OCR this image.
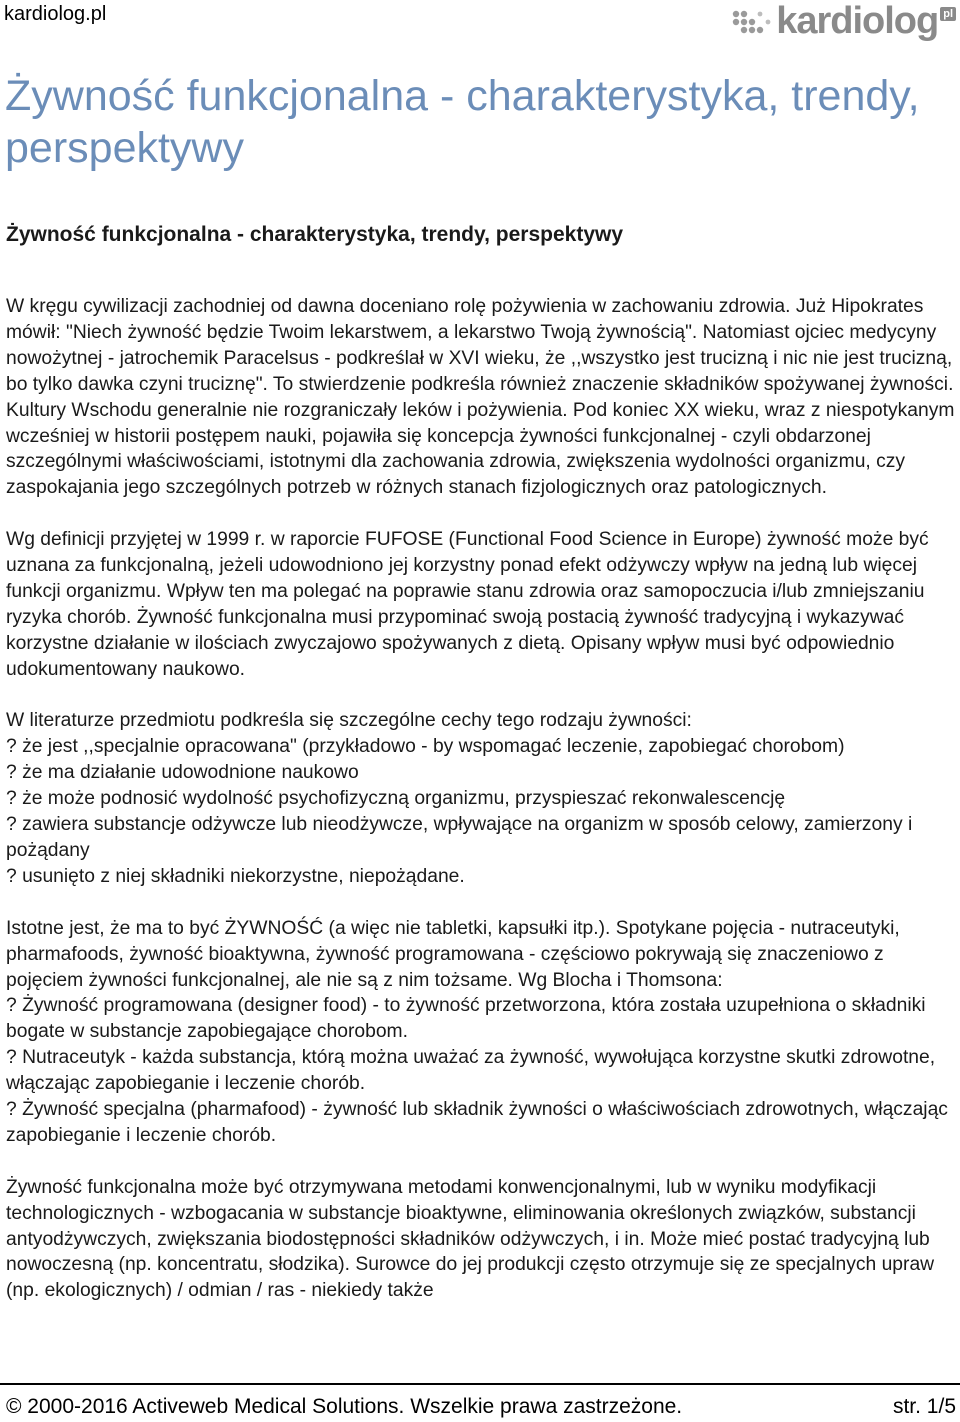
kardiolog.pl	kardiolog pl
Żywność funkcjonalna - charakterystyka, trendy, perspektywy
Żywność funkcjonalna - charakterystyka, trendy, perspektywy

W kręgu cywilizacji zachodniej od dawna doceniano rolę pożywienia w zachowaniu zdrowia. Już Hipokrates mówił: "Niech żywność będzie Twoim lekarstwem, a lekarstwo Twoją żywnością". Natomiast ojciec medycyny nowożytnej - jatrochemik Paracelsus - podkreślał w XVI wieku, że ,,wszystko jest trucizną i nic nie jest trucizną, bo tylko dawka czyni truciznę". To stwierdzenie podkreśla również znaczenie składników spożywanej żywności. Kultury Wschodu generalnie nie rozgraniczały leków i pożywienia. Pod koniec XX wieku, wraz z niespotykanym wcześniej w historii postępem nauki, pojawiła się koncepcja żywności funkcjonalnej - czyli obdarzonej szczególnymi właściwościami, istotnymi dla zachowania zdrowia, zwiększenia wydolności organizmu, czy zaspokajania jego szczególnych potrzeb w różnych stanach fizjologicznych oraz patologicznych.

Wg definicji przyjętej w 1999 r. w raporcie FUFOSE (Functional Food Science in Europe) żywność może być uznana za funkcjonalną, jeżeli udowodniono jej korzystny ponad efekt odżywczy wpływ na jedną lub więcej funkcji organizmu. Wpływ ten ma polegać na poprawie stanu zdrowia oraz samopoczucia i/lub zmniejszaniu ryzyka chorób. Żywność funkcjonalna musi przypominać swoją postacią żywność tradycyjną i wykazywać korzystne działanie w ilościach zwyczajowo spożywanych z dietą. Opisany wpływ musi być odpowiednio udokumentowany naukowo.

W literaturze przedmiotu podkreśla się szczególne cechy tego rodzaju żywności:
? że jest ,,specjalnie opracowana" (przykładowo - by wspomagać leczenie, zapobiegać chorobom)
? że ma działanie udowodnione naukowo
? że może podnosić wydolność psychofizyczną organizmu, przyspieszać rekonwalescencję
? zawiera substancje odżywcze lub nieodżywcze, wpływające na organizm w sposób celowy, zamierzony i pożądany
? usunięto z niej składniki niekorzystne, niepożądane.

Istotne jest, że ma to być ŻYWNOŚĆ (a więc nie tabletki, kapsułki itp.). Spotykane pojęcia - nutraceutyki, pharmafoods, żywność bioaktywna, żywność programowana - częściowo pokrywają się znaczeniowo z pojęciem żywności funkcjonalnej, ale nie są z nim tożsame. Wg Blocha i Thomsona:
? Żywność programowana (designer food) - to żywność przetworzona, która została uzupełniona o składniki bogate w substancje zapobiegające chorobom.
? Nutraceutyk - każda substancja, którą można uważać za żywność, wywołująca korzystne skutki zdrowotne, włączając zapobieganie i leczenie chorób.
? Żywność specjalna (pharmafood) - żywność lub składnik żywności o właściwościach zdrowotnych, włączając zapobieganie i leczenie chorób.

Żywność funkcjonalna może być otrzymywana metodami konwencjonalnymi, lub w wyniku modyfikacji technologicznych - wzbogacania w substancje bioaktywne, eliminowania określonych związków, substancji antyodżywczych, zwiększania biodostępności składników odżywczych, i in. Może mieć postać tradycyjną lub nowoczesną (np. koncentratu, słodzika). Surowce do jej produkcji często otrzymuje się ze specjalnych upraw (np. ekologicznych) / odmian / ras - niekiedy także

© 2000-2016 Activeweb Medical Solutions. Wszelkie prawa zastrzeżone.	str. 1/5
